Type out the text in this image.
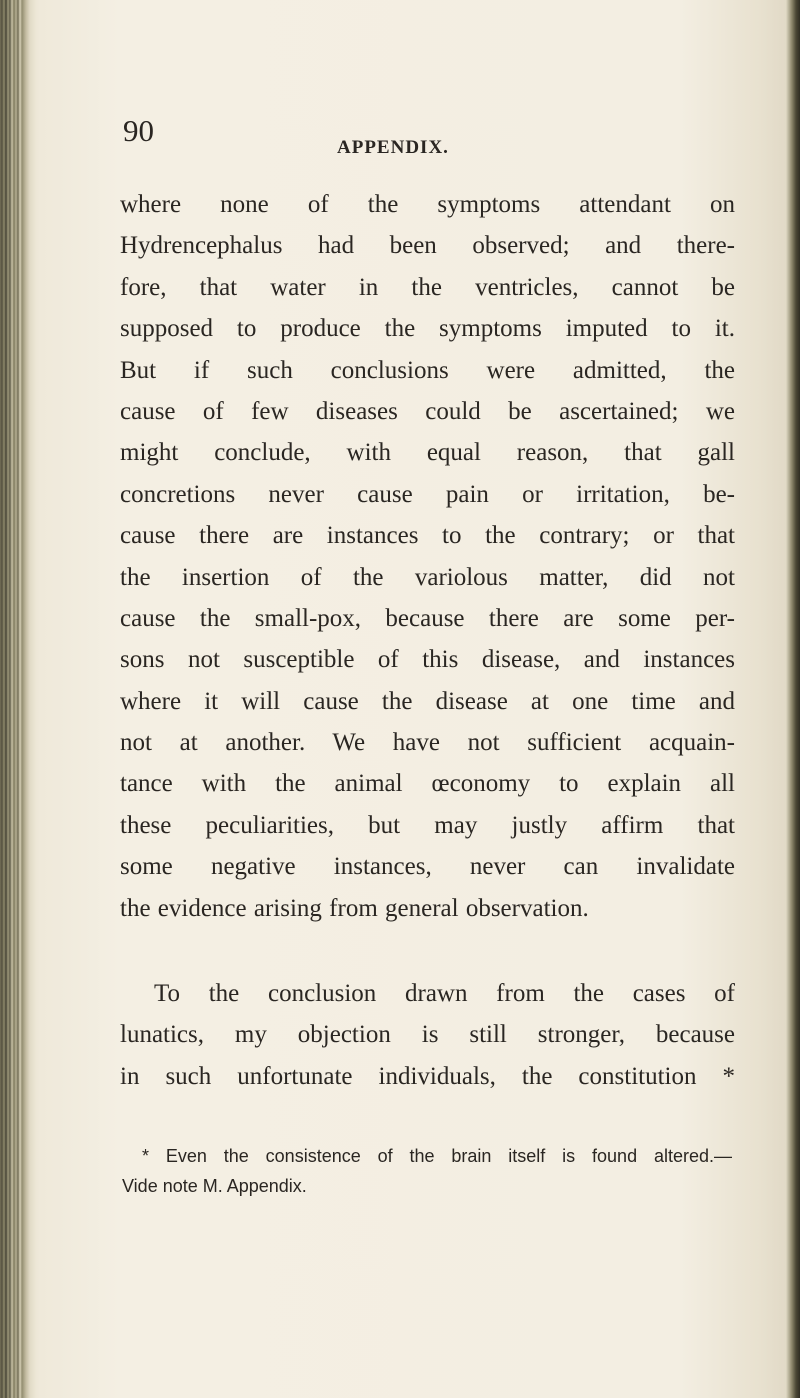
90	APPENDIX.
where none of the symptoms attendant on
Hydrencephalus had been observed; and there-
fore, that water in the ventricles, cannot be
supposed to produce the symptoms imputed to it.
But if such conclusions were admitted, the
cause of few diseases could be ascertained; we
might conclude, with equal reason, that gall
concretions never cause pain or irritation, be-
cause there are instances to the contrary; or that
the insertion of the variolous matter, did not
cause the small-pox, because there are some per-
sons not susceptible of this disease, and instances
where it will cause the disease at one time and
not at another. We have not sufficient acquain-
tance with the animal œconomy to explain all
these peculiarities, but may justly affirm that
some negative instances, never can invalidate
the evidence arising from general observation.
To the conclusion drawn from the cases of
lunatics, my objection is still stronger, because
in such unfortunate individuals, the constitution *
* Even the consistence of the brain itself is found altered.—
Vide note M. Appendix.
